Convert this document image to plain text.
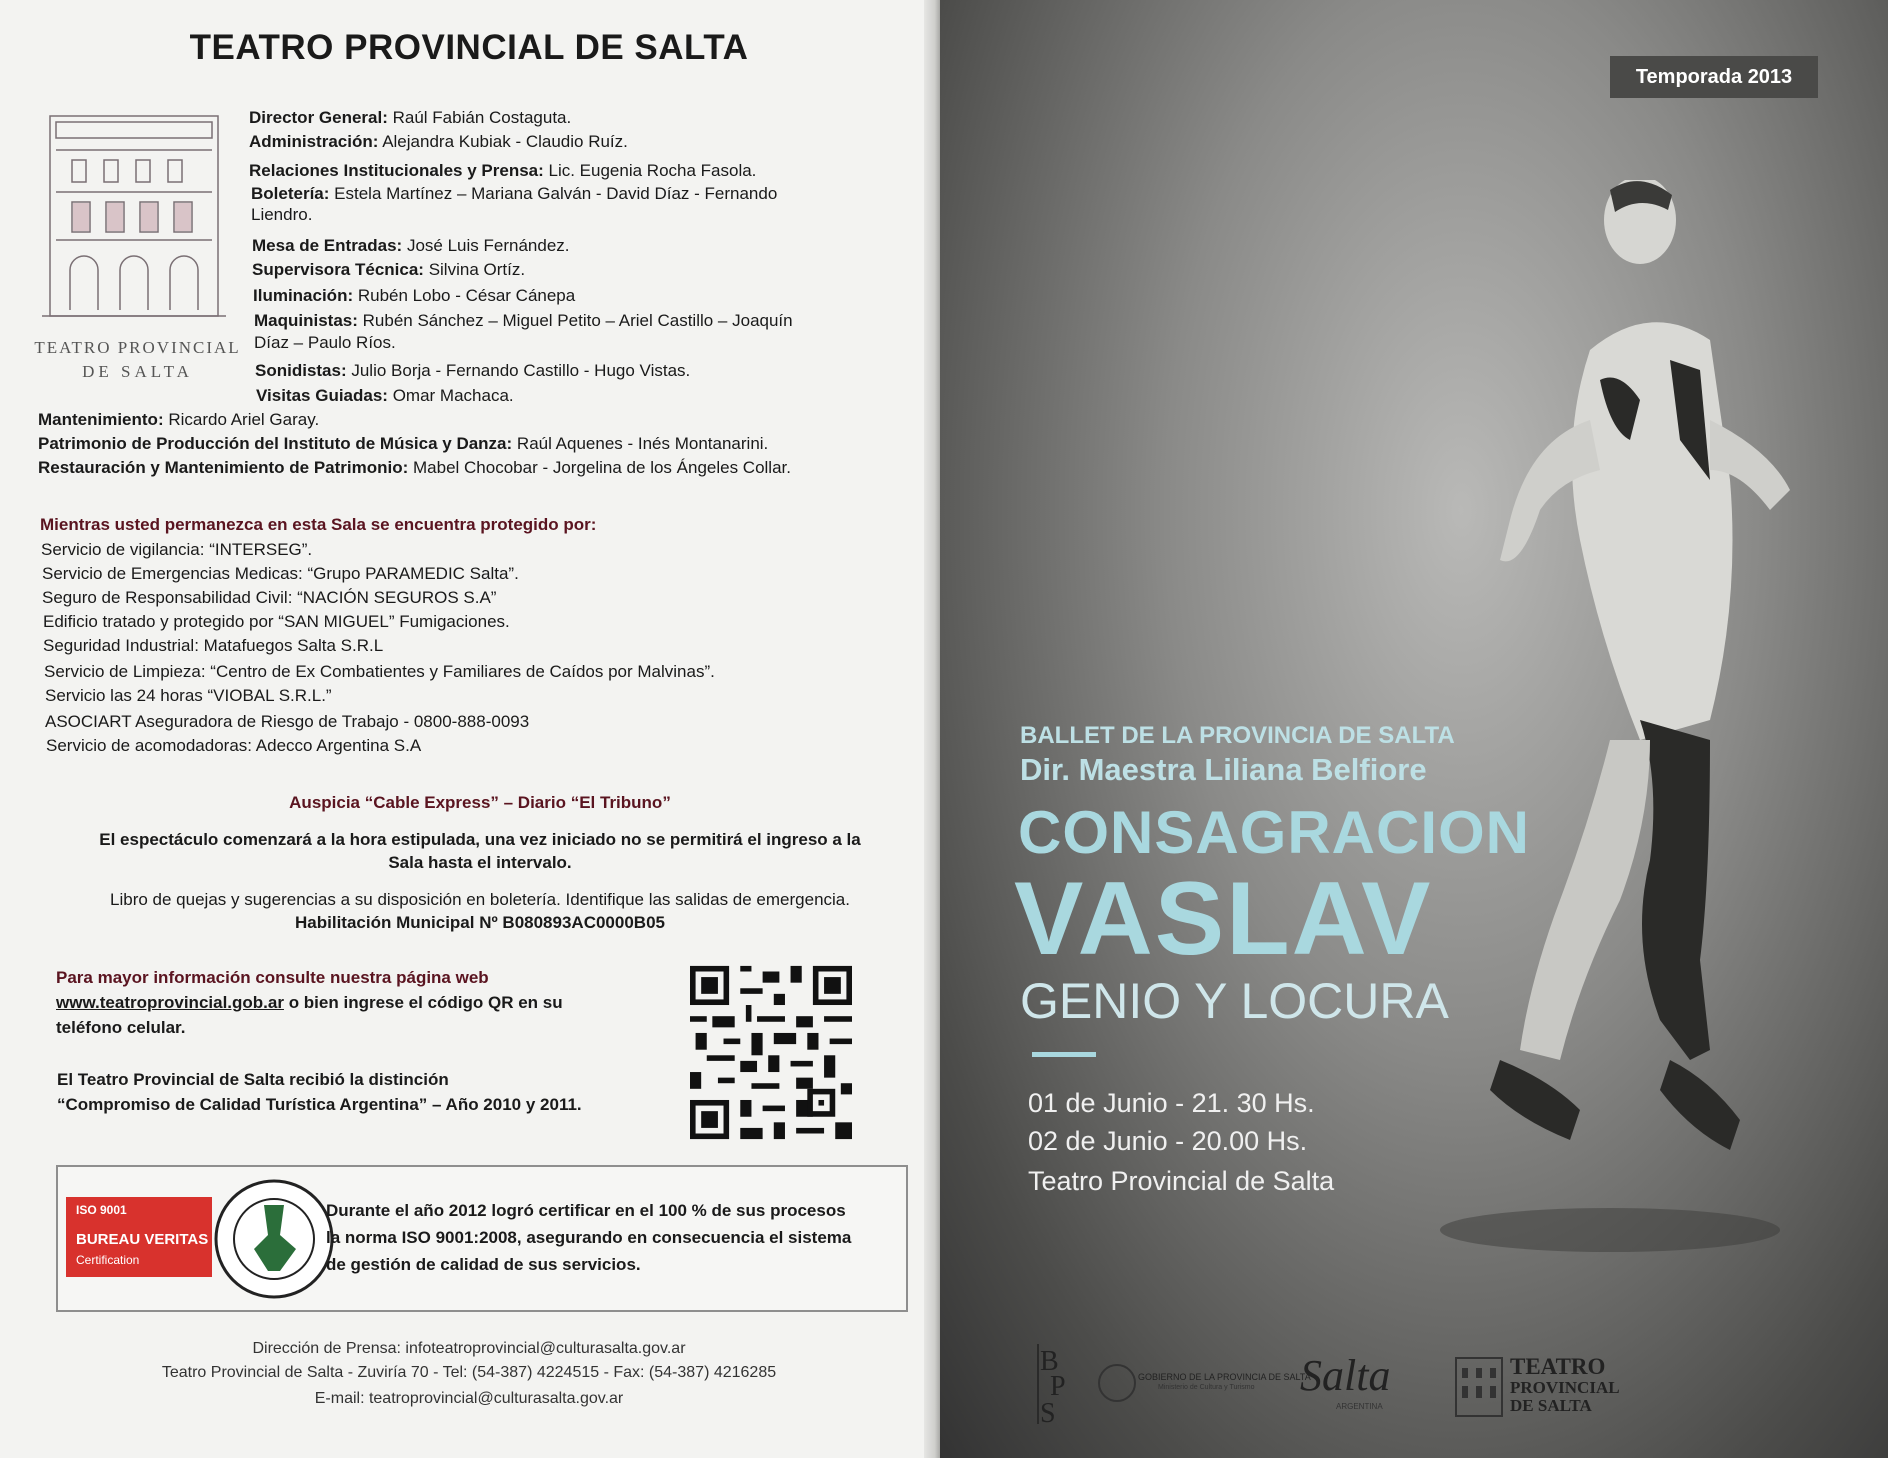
TEATRO PROVINCIAL DE SALTA
TEATRO PROVINCIAL
DE SALTA
Director General: Raúl Fabián Costaguta.
Administración: Alejandra Kubiak - Claudio Ruíz.
Relaciones Institucionales y Prensa: Lic. Eugenia Rocha Fasola.
Boletería: Estela Martínez – Mariana Galván - David Díaz - Fernando
Liendro.
Mesa de Entradas: José Luis Fernández.
Supervisora Técnica: Silvina Ortíz.
Iluminación: Rubén Lobo - César Cánepa
Maquinistas: Rubén Sánchez – Miguel Petito – Ariel Castillo – Joaquín
Díaz – Paulo Ríos.
Sonidistas: Julio Borja - Fernando Castillo - Hugo Vistas.
Visitas Guiadas: Omar Machaca.
Mantenimiento: Ricardo Ariel Garay.
Patrimonio de Producción del Instituto de Música y Danza: Raúl Aquenes - Inés Montanarini.
Restauración y Mantenimiento de Patrimonio: Mabel Chocobar - Jorgelina de los Ángeles Collar.
Mientras usted permanezca en esta Sala se encuentra protegido por:
Servicio de vigilancia: “INTERSEG”.
Servicio de Emergencias Medicas: “Grupo PARAMEDIC Salta”.
Seguro de Responsabilidad Civil: “NACIÓN SEGUROS S.A”
Edificio tratado y protegido por “SAN MIGUEL” Fumigaciones.
Seguridad Industrial: Matafuegos Salta S.R.L
Servicio de Limpieza: “Centro de Ex Combatientes y Familiares de Caídos por Malvinas”.
Servicio las 24 horas “VIOBAL S.R.L.”
ASOCIART Aseguradora de Riesgo de Trabajo - 0800-888-0093
Servicio de acomodadoras: Adecco Argentina S.A
Auspicia “Cable Express” – Diario “El Tribuno”
El espectáculo comenzará a la hora estipulada, una vez iniciado no se permitirá el ingreso a la
Sala hasta el intervalo.
Libro de quejas y sugerencias a su disposición en boletería. Identifique las salidas de emergencia.
Habilitación Municipal Nº B080893AC0000B05
Para mayor información consulte nuestra página web
www.teatroprovincial.gob.ar o bien ingrese el código QR en su
teléfono celular.
El Teatro Provincial de Salta recibió la distinción
“Compromiso de Calidad Turística Argentina” – Año 2010 y 2011.
ISO 9001
BUREAU VERITAS
Certification
Durante el año 2012 logró certificar en el 100 % de sus procesos
la norma ISO 9001:2008, asegurando en consecuencia el sistema
de gestión de calidad de sus servicios.
Dirección de Prensa: infoteatroprovincial@culturasalta.gov.ar
Teatro Provincial de Salta - Zuviría 70 - Tel: (54-387) 4224515 - Fax: (54-387) 4216285
E-mail: teatroprovincial@culturasalta.gov.ar
Temporada 2013
BALLET DE LA PROVINCIA DE SALTA
Dir. Maestra Liliana Belfiore
CONSAGRACION
VASLAV
GENIO Y LOCURA
01 de Junio - 21. 30 Hs.
02 de Junio - 20.00 Hs.
Teatro Provincial de Salta
B
P
S
GOBIERNO DE LA PROVINCIA DE SALTA
Ministerio de Cultura y Turismo Salta
ARGENTINA
TEATRO
PROVINCIAL
DE SALTA
